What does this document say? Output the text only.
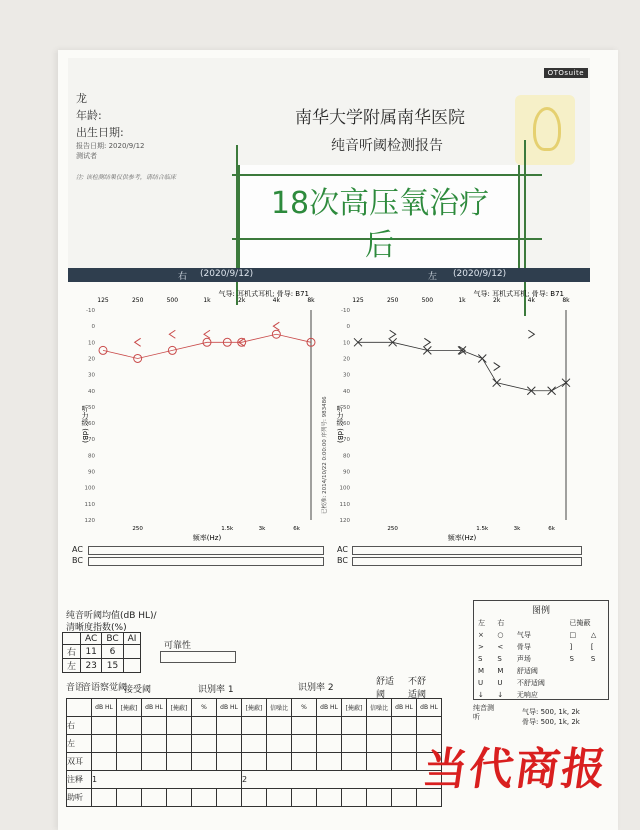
OTOsuite
龙
年龄:
出生日期:
报告日期: 2020/9/12
测试者
注: 该检测结果仅供参考，请结合临床
南华大学附属南华医院
纯音听阈检测报告
18次高压氧治疗
后
右 (2020/9/12)	左 (2020/9/12)
125	250	500	1k	2k	4k	8k
气导: 耳机式耳机; 骨导: B71
-10
0
10
20
30
40
50
60
70
80
90
100
110
120
听力级 (dB)
250	1.5k	3k	6k
频率(Hz)
125	250	500	1k	2k	4k	8k
气导: 耳机式耳机; 骨导: B71
-10
0
10
20
30
40
50
60
70
80
90
100
110
120
听力级 (dB)
250	1.5k	3k	6k
频率(Hz)
已校准: 2014/10/22 0:00:00 序列号: 983486
AC
BC
AC
BC
纯音听阈均值(dB HL)/
清晰度指数(%)
	AC	BC	AI
右	11	6	
左	23	15	
可靠性
音语
音语察觉阈
接受阈	识别率 1	识别率 2
舒适阈
不舒适阈
	dB HL	[掩蔽]	dB HL	[掩蔽]	%	dB HL	[掩蔽]	信噪比	%	dB HL	[掩蔽]	信噪比	dB HL	dB HL
右														
左														
双耳														
注释	1						2							
助听														
图例
左	右		已掩蔽	
×	○	气导	□	△
>	<	骨导	]	[
S	S	声场	S	S
M	M	舒适阈		
U	U	不舒适阈		
↓	↓	无响应		
纯音测听
气导: 500, 1k, 2k
骨导: 500, 1k, 2k
当代商报
